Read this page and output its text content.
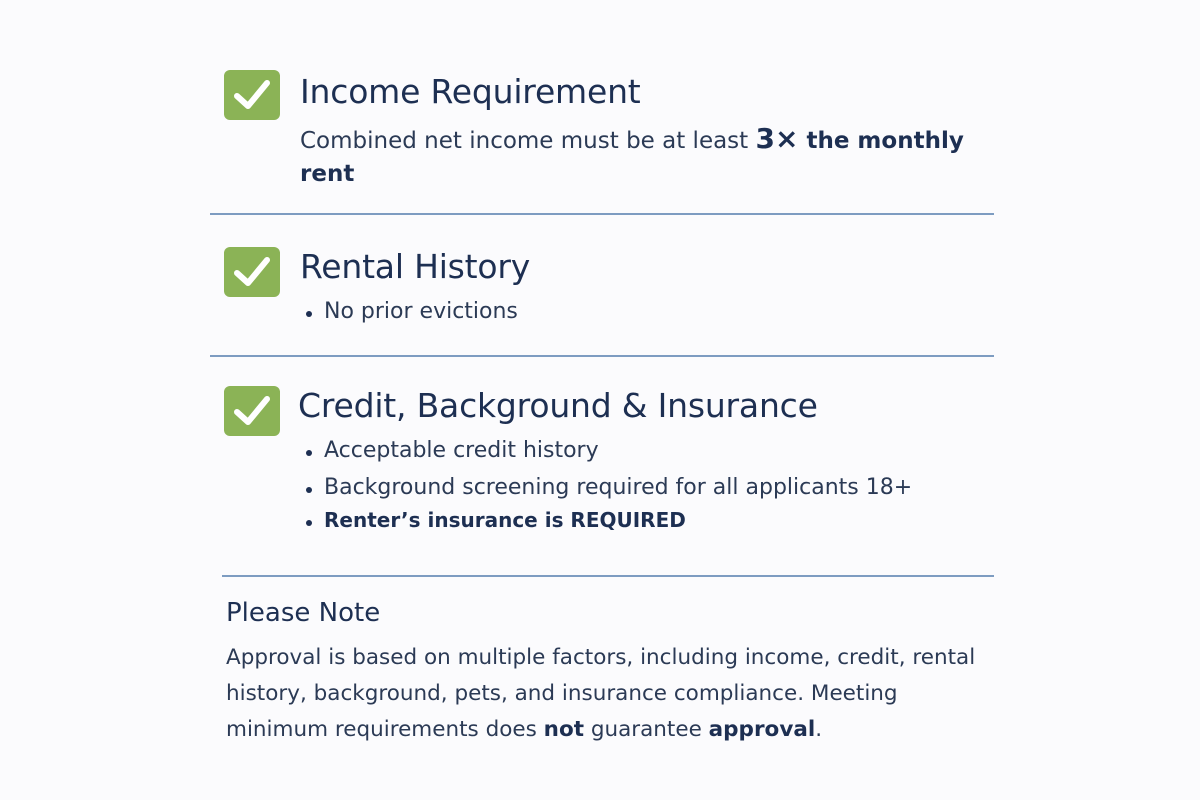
Income Requirement

Combined net income must be at least 3× the monthly rent

Rental History
No prior evictions
Credit, Background & Insurance
Acceptable credit history
Background screening required for all applicants 18+
Renter’s insurance is REQUIRED
Please Note

Approval is based on multiple factors, including income, credit, rental history, background, pets, and insurance compliance. Meeting minimum requirements does not guarantee approval.
